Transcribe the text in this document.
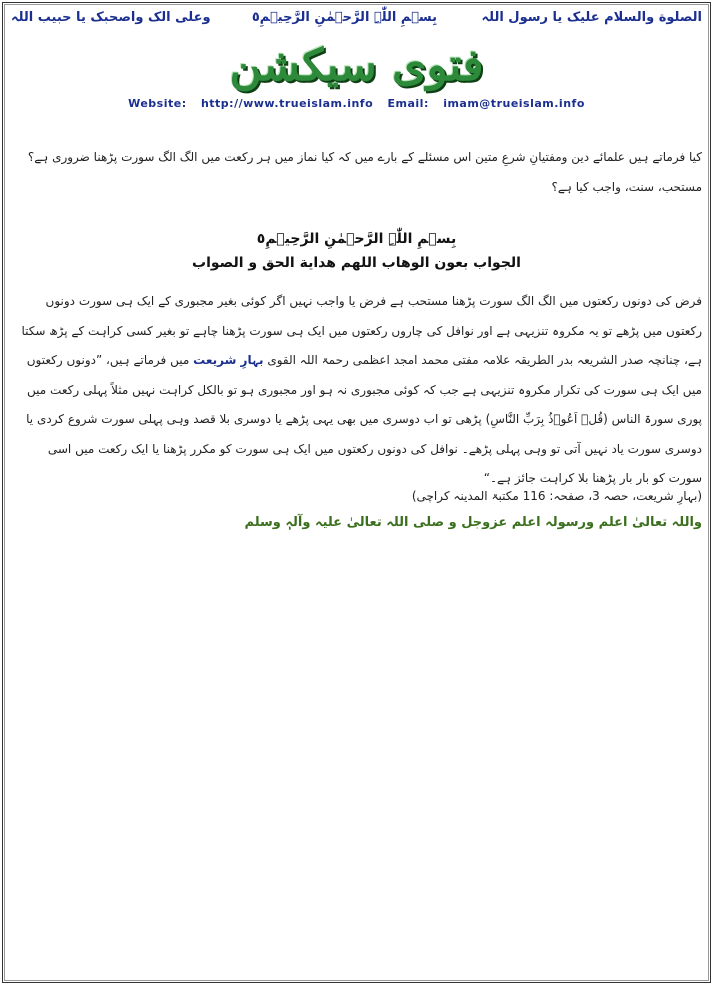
الصلوة والسلام علیک یا رسول اللہ
بِسۡمِ اللّٰہِ الرَّحۡمٰنِ الرَّحِیۡمِ٥
وعلی الک واصحبک یا حبیب اللہ
فتوی سیکشن
Website: http://www.trueislam.info Email: imam@trueislam.info
کیا فرماتے ہیں علمائے دین ومفتیانِ شرعِ متین اس مسئلے کے بارے میں کہ کیا نماز میں ہر رکعت میں الگ الگ سورت پڑھنا ضروری ہے؟ مستحب، سنت، واجب کیا ہے؟
بِسۡمِ اللّٰہِ الرَّحۡمٰنِ الرَّحِیۡمِ٥
الجواب بعون الوهاب اللهم هداية الحق و الصواب
فرض کی دونوں رکعتوں میں الگ الگ سورت پڑھنا مستحب ہے فرض یا واجب نہیں اگر کوئی بغیر مجبوری کے ایک ہی سورت دونوں رکعتوں میں پڑھے تو یہ مکروہ تنزیہی ہے اور نوافل کی چاروں رکعتوں میں ایک ہی سورت پڑھنا چاہے تو بغیر کسی کراہت کے پڑھ سکتا ہے، چنانچہ صدر الشریعہ بدر الطریقہ علامہ مفتی محمد امجد اعظمی رحمۃ اللہ القوی بہارِ شریعت میں فرماتے ہیں، ”دونوں رکعتوں میں ایک ہی سورت کی تکرار مکروہ تنزیہی ہے جب کہ کوئی مجبوری نہ ہو اور مجبوری ہو تو بالکل کراہت نہیں مثلاً پہلی رکعت میں پوری سورۃ الناس (قُلۡ اَعُوۡذُ بِرَبِّ النَّاسِ) پڑھی تو اب دوسری میں بھی یہی پڑھے یا دوسری بلا قصد وہی پہلی سورت شروع کردی یا دوسری سورت یاد نہیں آتی تو وہی پہلی پڑھے۔ نوافل کی دونوں رکعتوں میں ایک ہی سورت کو مکرر پڑھنا یا ایک رکعت میں اسی سورت کو بار بار پڑھنا بلا کراہت جائز ہے۔“
(بہارِ شریعت، حصہ 3، صفحہ: 116 مکتبۃ المدینہ کراچی)
واللہ تعالیٰ اعلم ورسولہ اعلم عزوجل و صلی اللہ تعالیٰ علیہ وآلہٖ وسلم
